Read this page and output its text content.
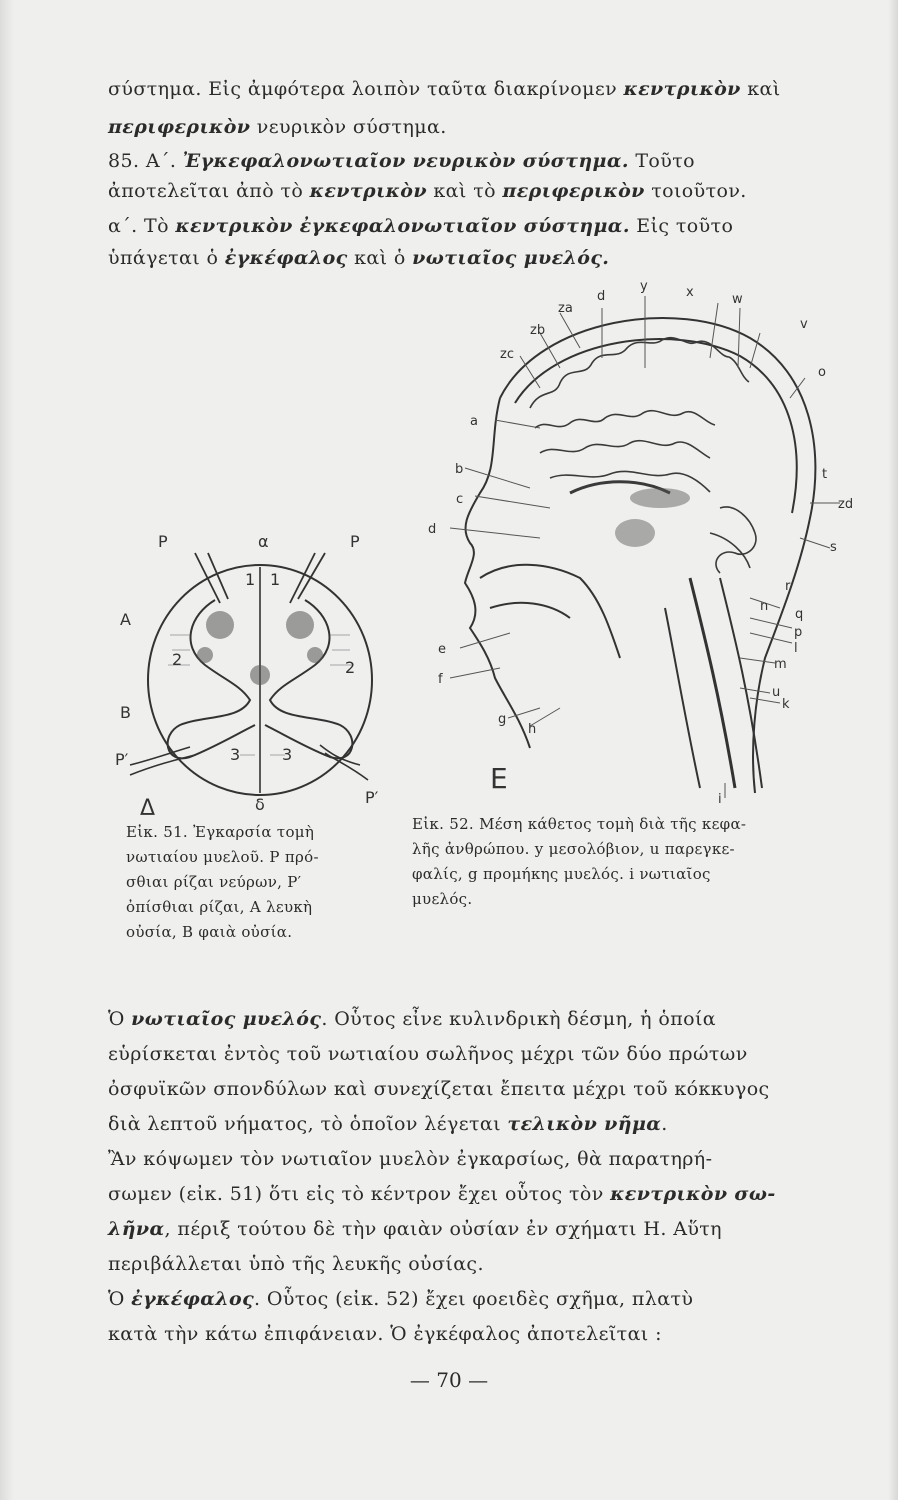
σύστημα. Εἰς ἀμφότερα λοιπὸν ταῦτα διακρίνομεν κεντρικὸν καὶ
περιφερικὸν νευρικὸν σύστημα.
85. Α΄. Ἐγκεφαλονωτιαῖον νευρικὸν σύστημα. Τοῦτο
ἀποτελεῖται ἀπὸ τὸ κεντρικὸν καὶ τὸ περιφερικὸν τοιοῦτον.
α΄. Τὸ κεντρικὸν ἐγκεφαλονωτιαῖον σύστημα. Εἰς τοῦτο
ὑπάγεται ὁ ἐγκέφαλος καὶ ὁ νωτιαῖος μυελός.
Ὁ νωτιαῖος μυελός. Οὗτος εἶνε κυλινδρικὴ δέσμη, ἡ ὁποία
εὑρίσκεται ἐντὸς τοῦ νωτιαίου σωλῆνος μέχρι τῶν δύο πρώτων
ὀσφυϊκῶν σπονδύλων καὶ συνεχίζεται ἔπειτα μέχρι τοῦ κόκκυγος
διὰ λεπτοῦ νήματος, τὸ ὁποῖον λέγεται τελικὸν νῆμα.
Ἂν κόψωμεν τὸν νωτιαῖον μυελὸν ἐγκαρσίως, θὰ παρατηρή-
σωμεν (εἰκ. 51) ὅτι εἰς τὸ κέντρον ἔχει οὗτος τὸν κεντρικὸν σω-
λῆνα, πέριξ τούτου δὲ τὴν φαιὰν οὐσίαν ἐν σχήματι Η. Αὕτη
περιβάλλεται ὑπὸ τῆς λευκῆς οὐσίας.
Ὁ ἐγκέφαλος. Οὗτος (εἰκ. 52) ἔχει φοειδὲς σχῆμα, πλατὺ
κατὰ τὴν κάτω ἐπιφάνειαν. Ὁ ἐγκέφαλος ἀποτελεῖται :
P	α	P
A
2	2
1 1
B
P′	3	3
Δ	δ	P′
d
y	x	w
za
zb
zc
v
o
a
b
c
d
e
f
g
h
i
m
n
r
q
p
l
u
k
s
zd
t
E
Εἰκ. 51. Ἐγκαρσία τομὴ
νωτιαίου μυελοῦ. Ρ πρό-
σθιαι ρίζαι νεύρων, Ρ′
ὀπίσθιαι ρίζαι, Α λευκὴ
οὐσία, Β φαιὰ οὐσία.
Εἰκ. 52. Μέση κάθετος τομὴ διὰ τῆς κεφα-
λῆς ἀνθρώπου. y μεσολόβιον, u παρεγκε-
φαλίς, g προμήκης μυελός. i νωτιαῖος
μυελός.
— 70 —
